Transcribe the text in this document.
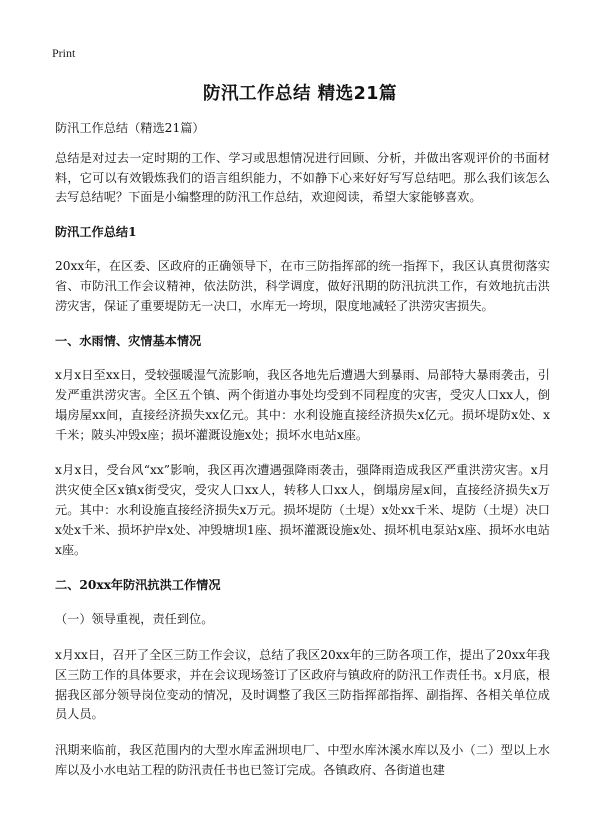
Print
防汛工作总结 精选21篇

防汛工作总结（精选21篇）

总结是对过去一定时期的工作、学习或思想情况进行回顾、分析，并做出客观评价的书面材料，它可以有效锻炼我们的语言组织能力，不如静下心来好好写写总结吧。那么我们该怎么去写总结呢？下面是小编整理的防汛工作总结，欢迎阅读，希望大家能够喜欢。

防汛工作总结1

20xx年，在区委、区政府的正确领导下，在市三防指挥部的统一指挥下，我区认真贯彻落实省、市防汛工作会议精神，依法防洪，科学调度，做好汛期的防汛抗洪工作，有效地抗击洪涝灾害，保证了重要堤防无一决口，水库无一垮坝，限度地减轻了洪涝灾害损失。

一、水雨情、灾情基本情况

x月x日至xx日，受较强暖湿气流影响，我区各地先后遭遇大到暴雨、局部特大暴雨袭击，引发严重洪涝灾害。全区五个镇、两个街道办事处均受到不同程度的灾害，受灾人口xx人，倒塌房屋xx间，直接经济损失xx亿元。其中：水利设施直接经济损失x亿元。损坏堤防x处、x千米；陂头冲毁x座；损坏灌溉设施x处；损坏水电站x座。

x月x日，受台风“xx”影响，我区再次遭遇强降雨袭击，强降雨造成我区严重洪涝灾害。x月洪灾使全区x镇x街受灾，受灾人口xx人，转移人口xx人，倒塌房屋x间，直接经济损失x万元。其中：水利设施直接经济损失x万元。损坏堤防（土堤）x处xx千米、堤防（土堤）决口x处x千米、损坏护岸x处、冲毁塘坝1座、损坏灌溉设施x处、损坏机电泵站x座、损坏水电站x座。

二、20xx年防汛抗洪工作情况

（一）领导重视，责任到位。

x月xx日，召开了全区三防工作会议，总结了我区20xx年的三防各项工作，提出了20xx年我区三防工作的具体要求，并在会议现场签订了区政府与镇政府的防汛工作责任书。x月底，根据我区部分领导岗位变动的情况，及时调整了我区三防指挥部指挥、副指挥、各相关单位成员人员。

汛期来临前，我区范围内的大型水库孟洲坝电厂、中型水库沐溪水库以及小（二）型以上水库以及小水电站工程的防汛责任书也已签订完成。各镇政府、各街道也建
